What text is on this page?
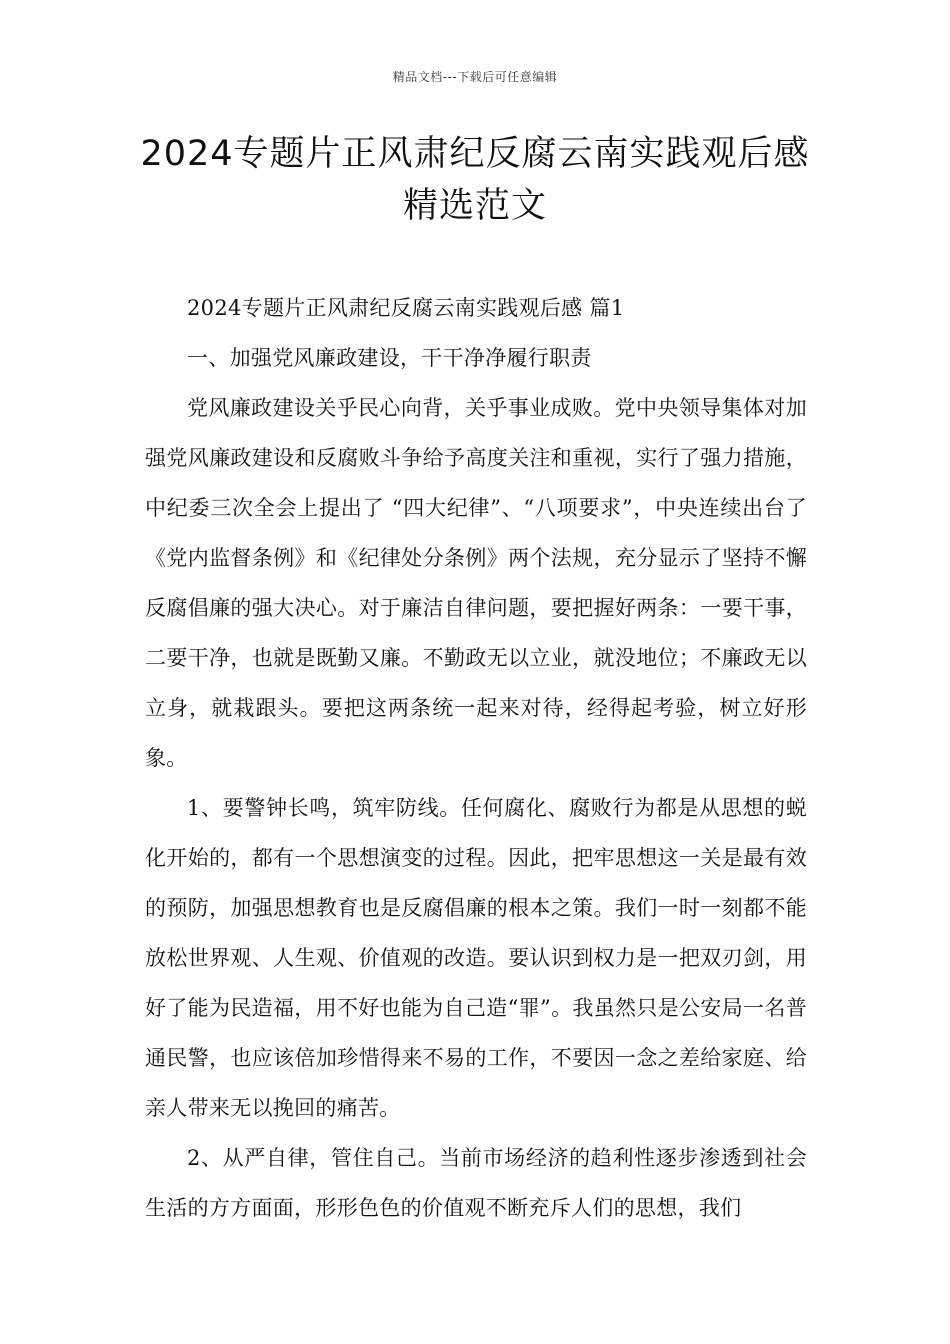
精品文档---下载后可任意编辑
2024专题片正风肃纪反腐云南实践观后感精选范文

2024专题片正风肃纪反腐云南实践观后感 篇1

一、加强党风廉政建设，干干净净履行职责

党风廉政建设关乎民心向背，关乎事业成败。党中央领导集体对加强党风廉政建设和反腐败斗争给予高度关注和重视，实行了强力措施，中纪委三次全会上提出了 “四大纪律”、“八项要求”，中央连续出台了《党内监督条例》和《纪律处分条例》两个法规，充分显示了坚持不懈反腐倡廉的强大决心。对于廉洁自律问题，要把握好两条：一要干事，二要干净，也就是既勤又廉。不勤政无以立业，就没地位；不廉政无以立身，就栽跟头。要把这两条统一起来对待，经得起考验，树立好形象。

1、要警钟长鸣，筑牢防线。任何腐化、腐败行为都是从思想的蜕化开始的，都有一个思想演变的过程。因此，把牢思想这一关是最有效的预防，加强思想教育也是反腐倡廉的根本之策。我们一时一刻都不能放松世界观、人生观、价值观的改造。要认识到权力是一把双刃剑，用好了能为民造福，用不好也能为自己造“罪”。我虽然只是公安局一名普通民警，也应该倍加珍惜得来不易的工作，不要因一念之差给家庭、给亲人带来无以挽回的痛苦。

2、从严自律，管住自己。当前市场经济的趋利性逐步渗透到社会生活的方方面面，形形色色的价值观不断充斥人们的思想，我们
